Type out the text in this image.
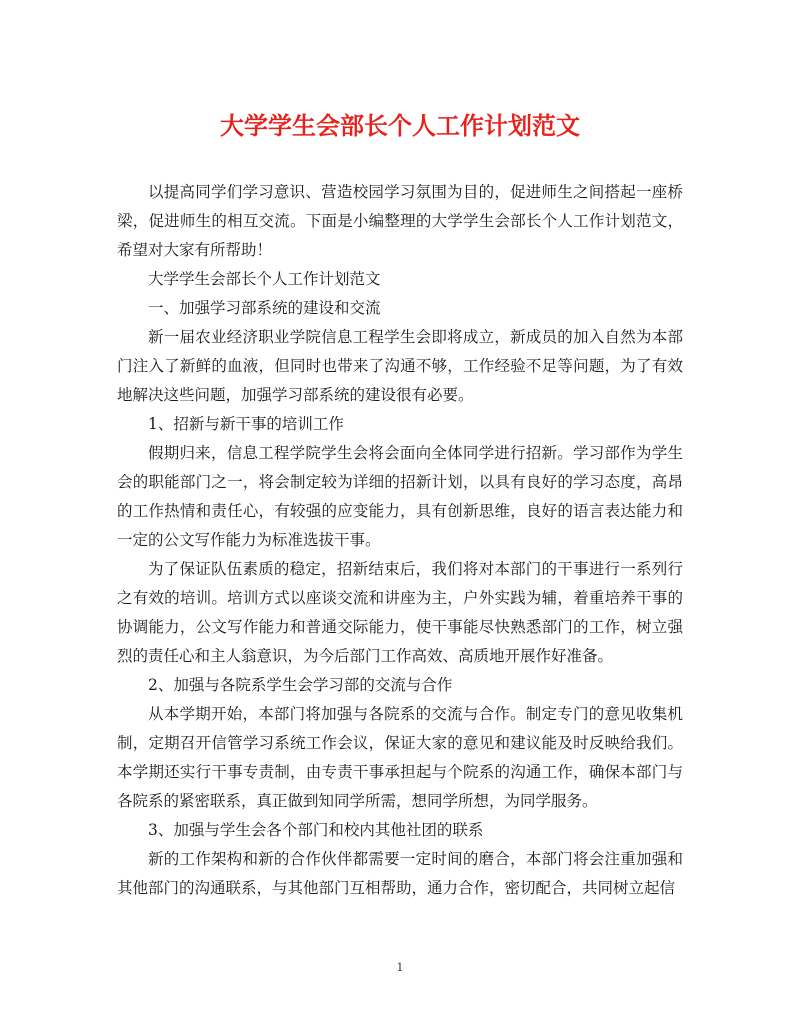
大学学生会部长个人工作计划范文

以提高同学们学习意识、营造校园学习氛围为目的，促进师生之间搭起一座桥梁，促进师生的相互交流。下面是小编整理的大学学生会部长个人工作计划范文，希望对大家有所帮助！

大学学生会部长个人工作计划范文

一、加强学习部系统的建设和交流

新一届农业经济职业学院信息工程学生会即将成立，新成员的加入自然为本部门注入了新鲜的血液，但同时也带来了沟通不够，工作经验不足等问题，为了有效地解决这些问题，加强学习部系统的建设很有必要。

1、招新与新干事的培训工作

假期归来，信息工程学院学生会将会面向全体同学进行招新。学习部作为学生会的职能部门之一，将会制定较为详细的招新计划，以具有良好的学习态度，高昂的工作热情和责任心，有较强的应变能力，具有创新思维，良好的语言表达能力和一定的公文写作能力为标准选拔干事。

为了保证队伍素质的稳定，招新结束后，我们将对本部门的干事进行一系列行之有效的培训。培训方式以座谈交流和讲座为主，户外实践为辅，着重培养干事的协调能力，公文写作能力和普通交际能力，使干事能尽快熟悉部门的工作，树立强烈的责任心和主人翁意识，为今后部门工作高效、高质地开展作好准备。

2、加强与各院系学生会学习部的交流与合作

从本学期开始，本部门将加强与各院系的交流与合作。制定专门的意见收集机制，定期召开信管学习系统工作会议，保证大家的意见和建议能及时反映给我们。本学期还实行干事专责制，由专责干事承担起与个院系的沟通工作，确保本部门与各院系的紧密联系，真正做到知同学所需，想同学所想，为同学服务。

3、加强与学生会各个部门和校内其他社团的联系

新的工作架构和新的合作伙伴都需要一定时间的磨合，本部门将会注重加强和其他部门的沟通联系，与其他部门互相帮助，通力合作，密切配合，共同树立起信

1
